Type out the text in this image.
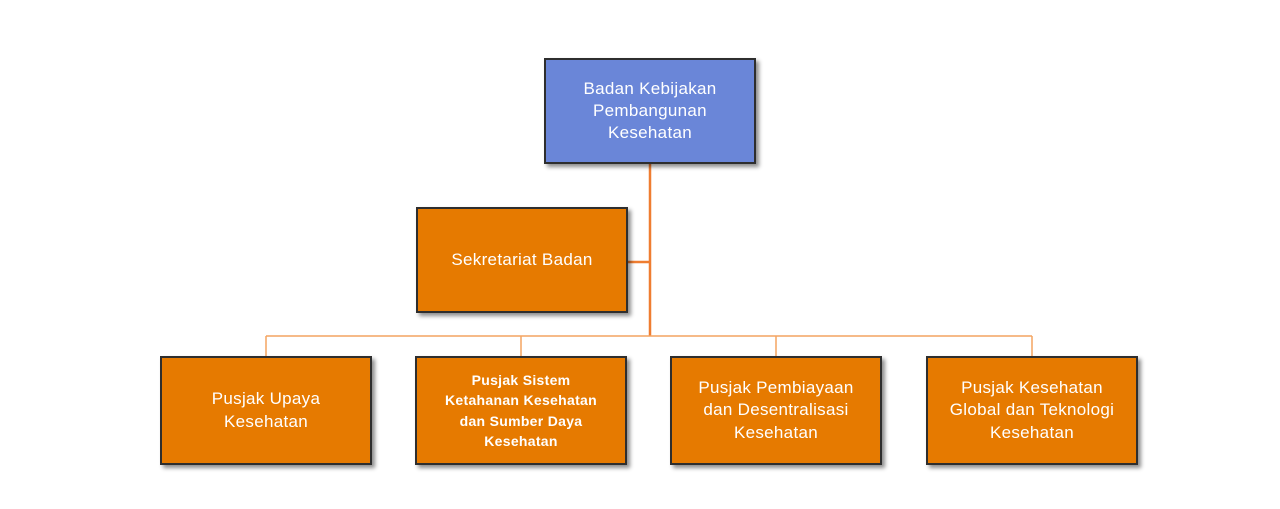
Badan Kebijakan
Pembangunan
Kesehatan
Sekretariat Badan
Pusjak Upaya
Kesehatan
Pusjak Sistem
Ketahanan Kesehatan
dan Sumber Daya
Kesehatan
Pusjak Pembiayaan
dan Desentralisasi
Kesehatan
Pusjak Kesehatan
Global dan Teknologi
Kesehatan
